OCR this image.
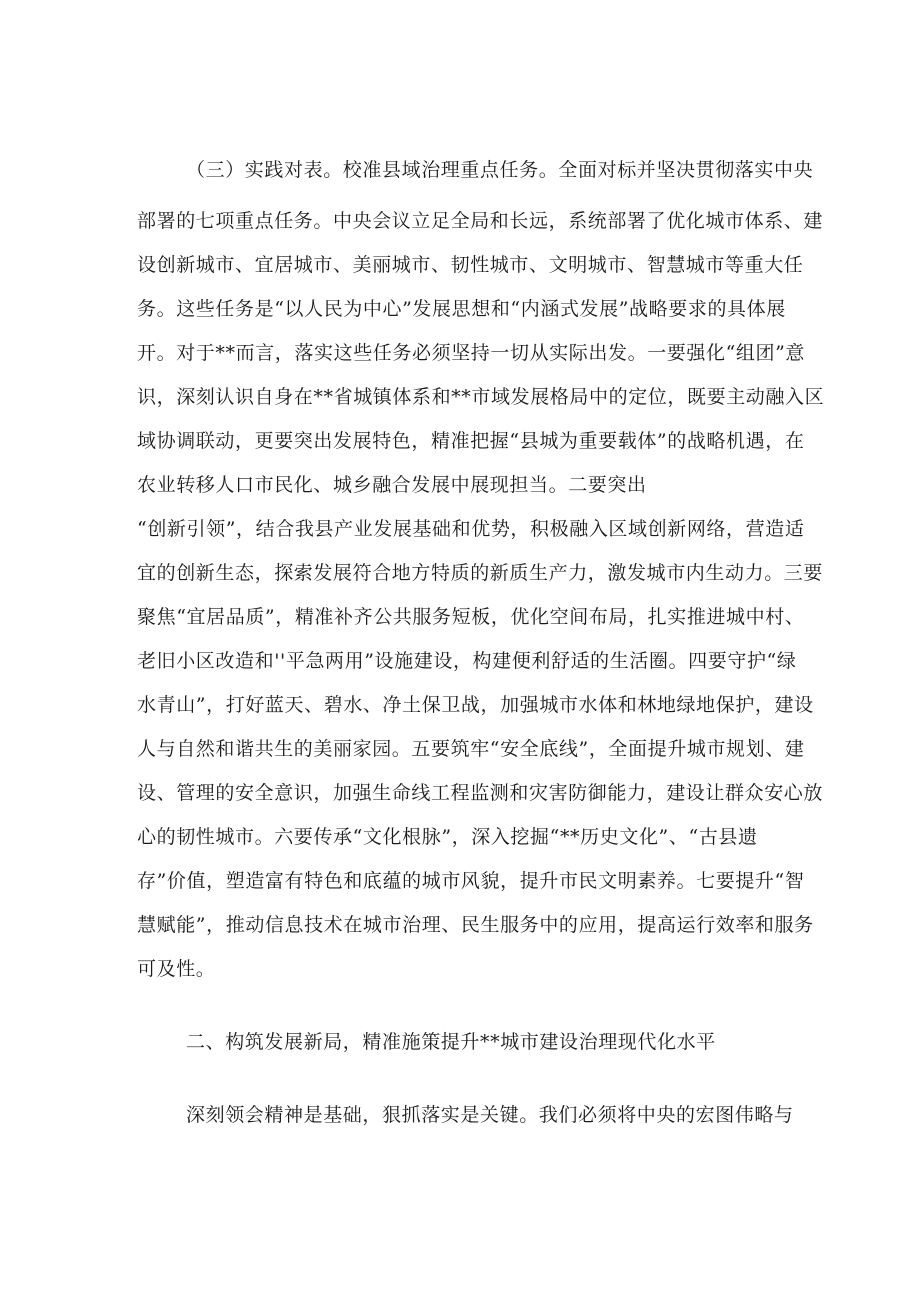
（三）实践对表。校准县域治理重点任务。全面对标并坚决贯彻落实中央
部署的七项重点任务。中央会议立足全局和长远，系统部署了优化城市体系、建
设创新城市、宜居城市、美丽城市、韧性城市、文明城市、智慧城市等重大任
务。这些任务是“以人民为中心”发展思想和“内涵式发展”战略要求的具体展
开。对于**而言，落实这些任务必须坚持一切从实际出发。一要强化“组团”意
识，深刻认识自身在**省城镇体系和**市域发展格局中的定位，既要主动融入区
域协调联动，更要突出发展特色，精准把握“县城为重要载体”的战略机遇，在
农业转移人口市民化、城乡融合发展中展现担当。二要突出
“创新引领”，结合我县产业发展基础和优势，积极融入区域创新网络，营造适
宜的创新生态，探索发展符合地方特质的新质生产力，激发城市内生动力。三要
聚焦“宜居品质”，精准补齐公共服务短板，优化空间布局，扎实推进城中村、
老旧小区改造和''平急两用”设施建设，构建便利舒适的生活圈。四要守护“绿
水青山”，打好蓝天、碧水、净土保卫战，加强城市水体和林地绿地保护，建设
人与自然和谐共生的美丽家园。五要筑牢“安全底线”，全面提升城市规划、建
设、管理的安全意识，加强生命线工程监测和灾害防御能力，建设让群众安心放
心的韧性城市。六要传承“文化根脉”，深入挖掘“**历史文化”、“古县遗
存”价值，塑造富有特色和底蕴的城市风貌，提升市民文明素养。七要提升“智
慧赋能”，推动信息技术在城市治理、民生服务中的应用，提高运行效率和服务
可及性。
二、构筑发展新局，精准施策提升**城市建设治理现代化水平
深刻领会精神是基础，狠抓落实是关键。我们必须将中央的宏图伟略与
